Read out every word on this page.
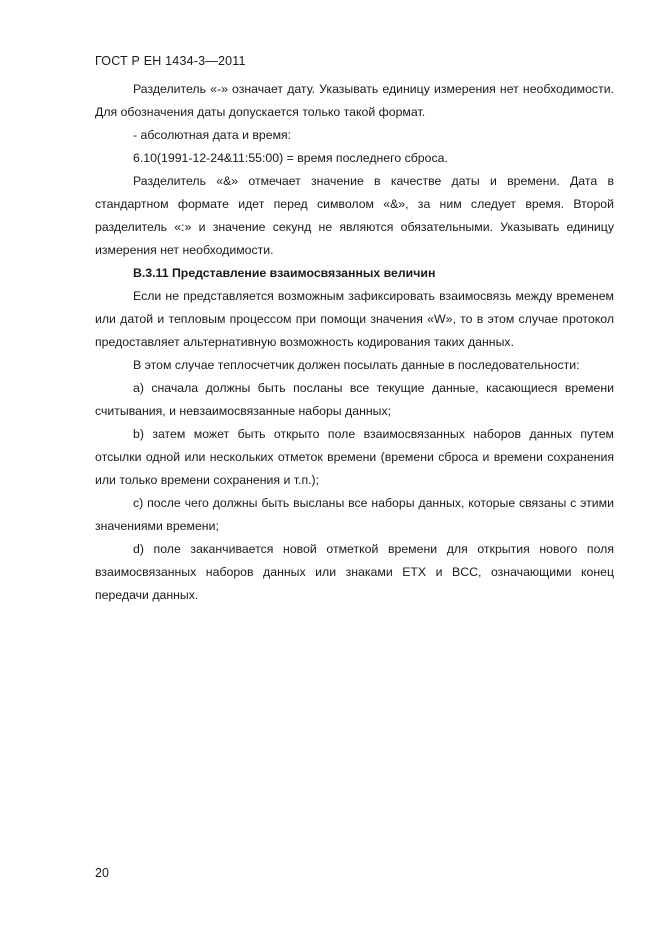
ГОСТ Р ЕН 1434-3—2011

Разделитель «-» означает дату. Указывать единицу измерения нет необходимости. Для обозначения даты допускается только такой формат.

- абсолютная дата и время:

6.10(1991-12-24&11:55:00) = время последнего сброса.

Разделитель «&» отмечает значение в качестве даты и времени. Дата в стандартном формате идет перед символом «&», за ним следует время. Второй разделитель «:» и значение секунд не являются обязательными. Указывать единицу измерения нет необходимости.

В.3.11 Представление взаимосвязанных величин

Если не представляется возможным зафиксировать взаимосвязь между временем или датой и тепловым процессом при помощи значения «W», то в этом случае протокол предоставляет альтернативную возможность кодирования таких данных.

В этом случае теплосчетчик должен посылать данные в последовательности:

a) сначала должны быть посланы все текущие данные, касающиеся времени считывания, и невзаимосвязанные наборы данных;

b) затем может быть открыто поле взаимосвязанных наборов данных путем отсылки одной или нескольких отметок времени (времени сброса и времени сохранения или только времени сохранения и т.п.);

c) после чего должны быть высланы все наборы данных, которые связаны с этими значениями времени;

d) поле заканчивается новой отметкой времени для открытия нового поля взаимосвязанных наборов данных или знаками ETX и BCC, означающими конец передачи данных.

20
